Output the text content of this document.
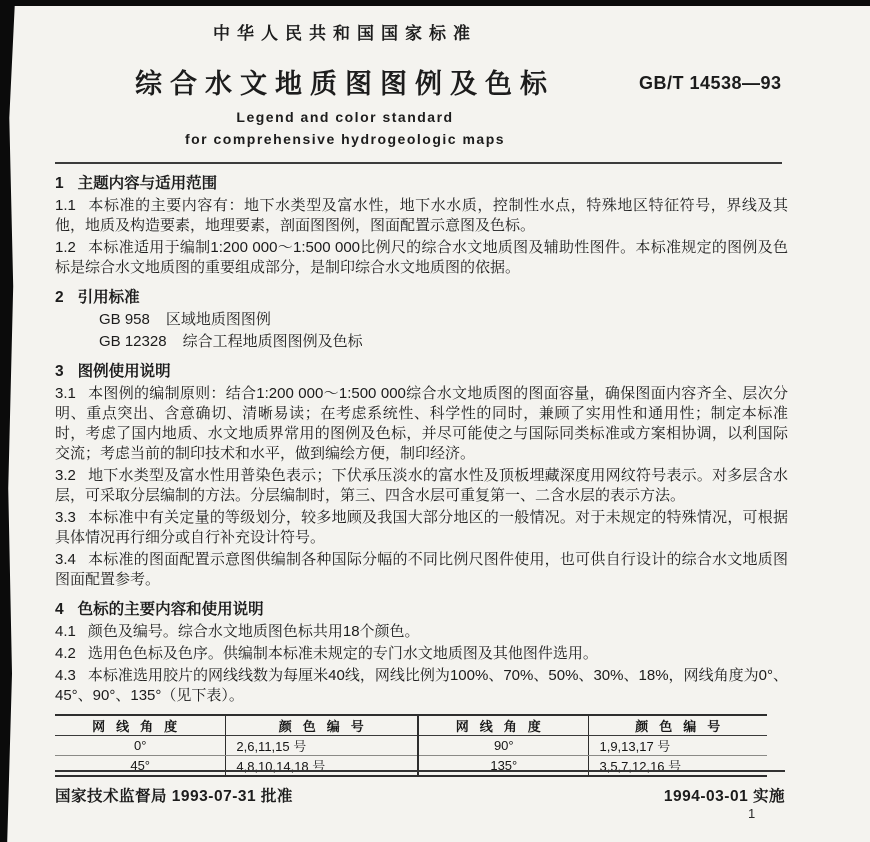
中华人民共和国国家标准
综合水文地质图图例及色标	GB/T 14538—93
Legend and color standard
for comprehensive hydrogeologic maps
1 主题内容与适用范围

1.1 本标准的主要内容有：地下水类型及富水性，地下水水质，控制性水点，特殊地区特征符号，界线及其他，地质及构造要素，地理要素，剖面图图例，图面配置示意图及色标。

1.2 本标准适用于编制1:200 000～1:500 000比例尺的综合水文地质图及辅助性图件。本标准规定的图例及色标是综合水文地质图的重要组成部分，是制印综合水文地质图的依据。

2 引用标准

GB 958 区域地质图图例

GB 12328 综合工程地质图图例及色标

3 图例使用说明

3.1 本图例的编制原则：结合1:200 000～1:500 000综合水文地质图的图面容量，确保图面内容齐全、层次分明、重点突出、含意确切、清晰易读；在考虑系统性、科学性的同时，兼顾了实用性和通用性；制定本标准时，考虑了国内地质、水文地质界常用的图例及色标，并尽可能使之与国际同类标准或方案相协调，以利国际交流；考虑当前的制印技术和水平，做到编绘方便，制印经济。

3.2 地下水类型及富水性用普染色表示；下伏承压淡水的富水性及顶板埋藏深度用网纹符号表示。对多层含水层，可采取分层编制的方法。分层编制时，第三、四含水层可重复第一、二含水层的表示方法。

3.3 本标准中有关定量的等级划分，较多地顾及我国大部分地区的一般情况。对于未规定的特殊情况，可根据具体情况再行细分或自行补充设计符号。

3.4 本标准的图面配置示意图供编制各种国际分幅的不同比例尺图件使用，也可供自行设计的综合水文地质图图面配置参考。

4 色标的主要内容和使用说明

4.1 颜色及编号。综合水文地质图色标共用18个颜色。

4.2 选用色色标及色序。供编制本标准未规定的专门水文地质图及其他图件选用。

4.3 本标准选用胶片的网线线数为每厘米40线，网线比例为100%、70%、50%、30%、18%，网线角度为0°、45°、90°、135°（见下表）。

网线角度	颜色编号	网线角度	颜色编号
0°	2,6,11,15 号	90°	1,9,13,17 号
45°	4,8,10,14,18 号	135°	3,5,7,12,16 号
国家技术监督局 1993-07-31 批准	1994-03-01 实施
1
